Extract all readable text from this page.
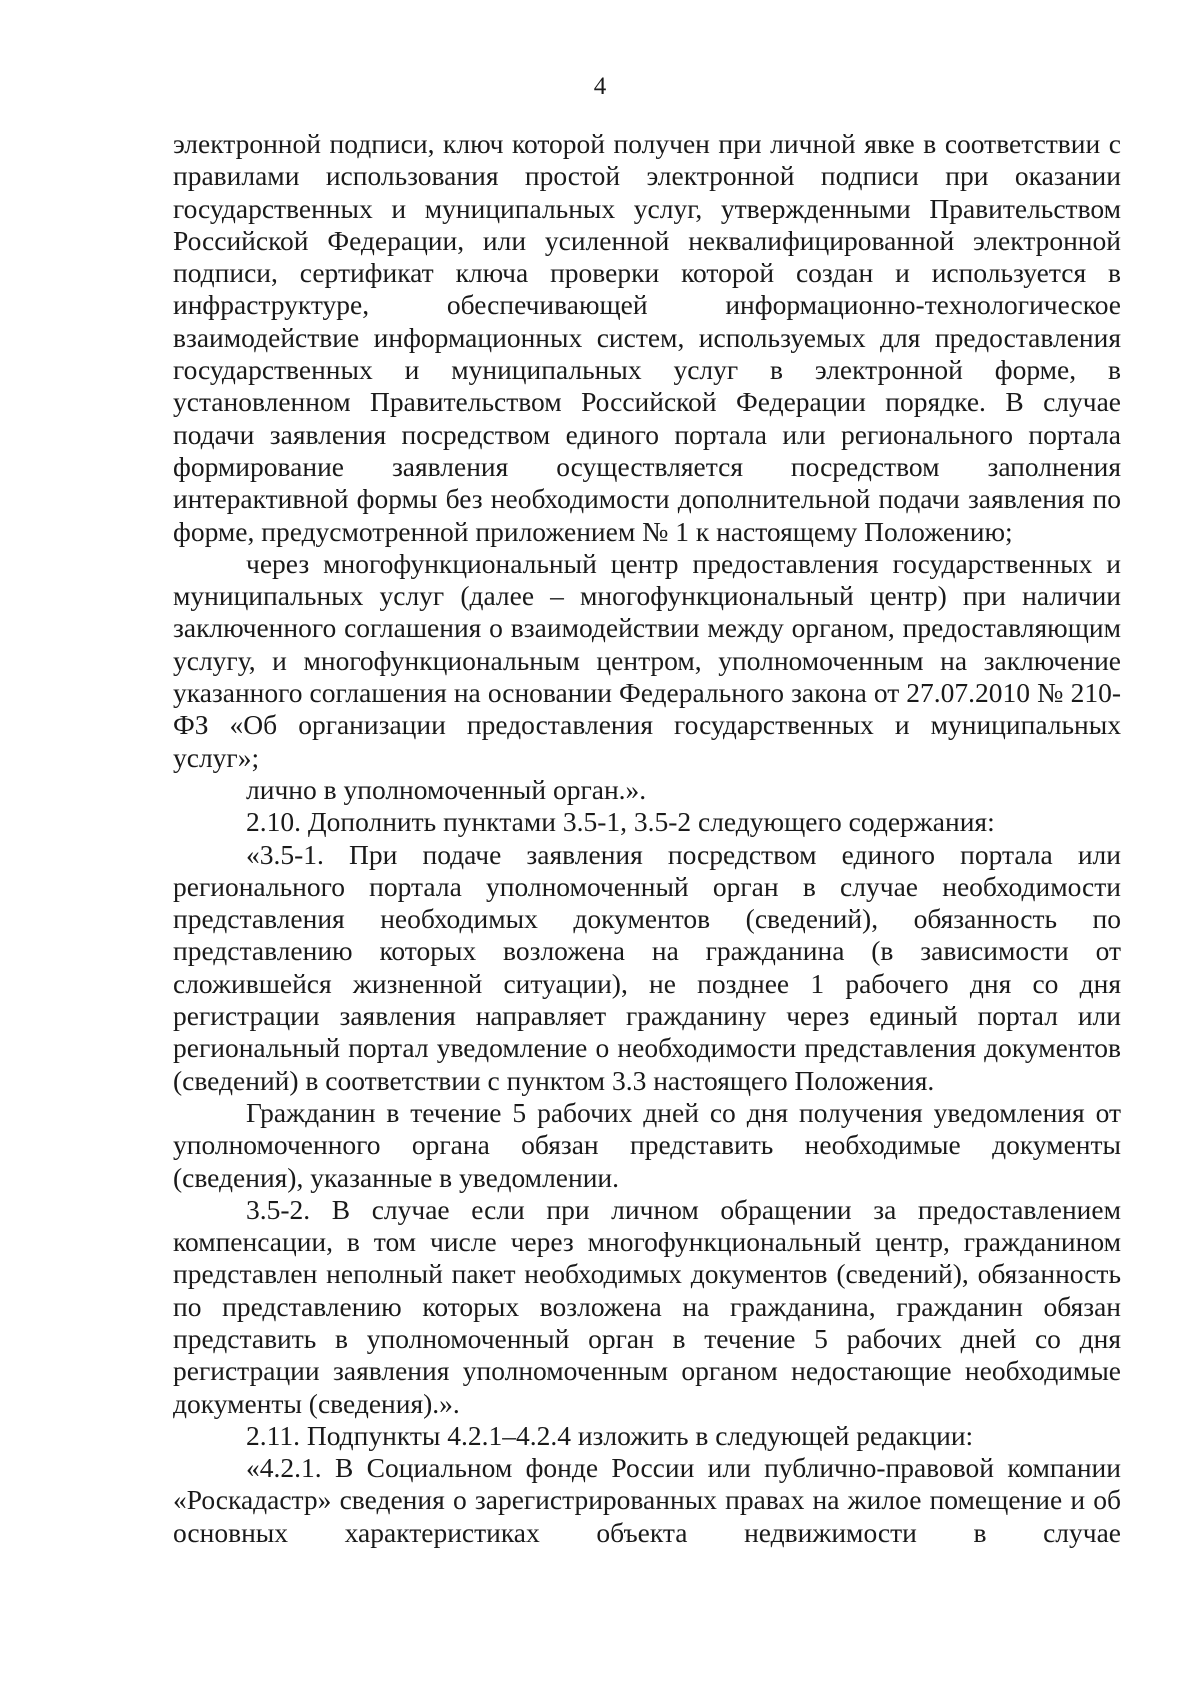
4

электронной подписи, ключ которой получен при личной явке в соответствии с правилами использования простой электронной подписи при оказании государственных и муниципальных услуг, утвержденными Правительством Российской Федерации, или усиленной неквалифицированной электронной подписи, сертификат ключа проверки которой создан и используется в инфраструктуре, обеспечивающей информационно-технологическое взаимодействие информационных систем, используемых для предоставления государственных и муниципальных услуг в электронной форме, в установленном Правительством Российской Федерации порядке. В случае подачи заявления посредством единого портала или регионального портала формирование заявления осуществляется посредством заполнения интерактивной формы без необходимости дополнительной подачи заявления по форме, предусмотренной приложением № 1 к настоящему Положению;

через многофункциональный центр предоставления государственных и муниципальных услуг (далее – многофункциональный центр) при наличии заключенного соглашения о взаимодействии между органом, предоставляющим услугу, и многофункциональным центром, уполномоченным на заключение указанного соглашения на основании Федерального закона от 27.07.2010 № 210-ФЗ «Об организации предоставления государственных и муниципальных услуг»;

лично в уполномоченный орган.».

2.10. Дополнить пунктами 3.5-1, 3.5-2 следующего содержания:

«3.5-1. При подаче заявления посредством единого портала или регионального портала уполномоченный орган в случае необходимости представления необходимых документов (сведений), обязанность по представлению которых возложена на гражданина (в зависимости от сложившейся жизненной ситуации), не позднее 1 рабочего дня со дня регистрации заявления направляет гражданину через единый портал или региональный портал уведомление о необходимости представления документов (сведений) в соответствии с пунктом 3.3 настоящего Положения.

Гражданин в течение 5 рабочих дней со дня получения уведомления от уполномоченного органа обязан представить необходимые документы (сведения), указанные в уведомлении.

3.5-2. В случае если при личном обращении за предоставлением компенсации, в том числе через многофункциональный центр, гражданином представлен неполный пакет необходимых документов (сведений), обязанность по представлению которых возложена на гражданина, гражданин обязан представить в уполномоченный орган в течение 5 рабочих дней со дня регистрации заявления уполномоченным органом недостающие необходимые документы (сведения).».

2.11. Подпункты 4.2.1–4.2.4 изложить в следующей редакции:

«4.2.1. В Социальном фонде России или публично-правовой компании «Роскадастр» сведения о зарегистрированных правах на жилое помещение и об основных характеристиках объекта недвижимости в случае
